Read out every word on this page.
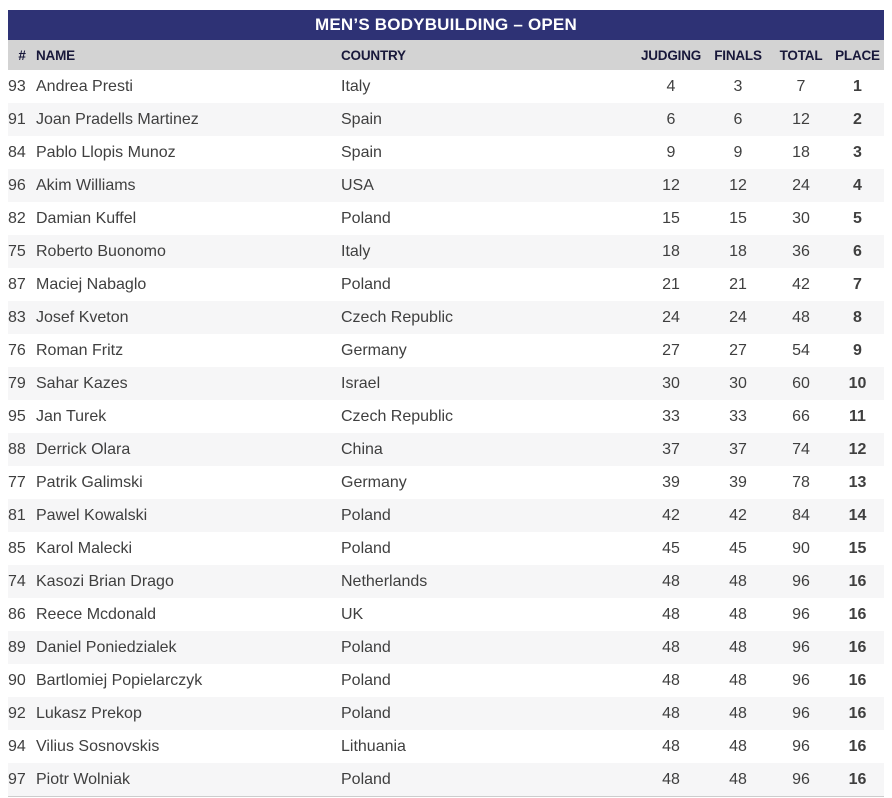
MEN’S BODYBUILDING – OPEN
#	NAME	COUNTRY	JUDGING	FINALS	TOTAL	PLACE
93	Andrea Presti	Italy	4	3	7	1
91	Joan Pradells Martinez	Spain	6	6	12	2
84	Pablo Llopis Munoz	Spain	9	9	18	3
96	Akim Williams	USA	12	12	24	4
82	Damian Kuffel	Poland	15	15	30	5
75	Roberto Buonomo	Italy	18	18	36	6
87	Maciej Nabaglo	Poland	21	21	42	7
83	Josef Kveton	Czech Republic	24	24	48	8
76	Roman Fritz	Germany	27	27	54	9
79	Sahar Kazes	Israel	30	30	60	10
95	Jan Turek	Czech Republic	33	33	66	11
88	Derrick Olara	China	37	37	74	12
77	Patrik Galimski	Germany	39	39	78	13
81	Pawel Kowalski	Poland	42	42	84	14
85	Karol Malecki	Poland	45	45	90	15
74	Kasozi Brian Drago	Netherlands	48	48	96	16
86	Reece Mcdonald	UK	48	48	96	16
89	Daniel Poniedzialek	Poland	48	48	96	16
90	Bartlomiej Popielarczyk	Poland	48	48	96	16
92	Lukasz Prekop	Poland	48	48	96	16
94	Vilius Sosnovskis	Lithuania	48	48	96	16
97	Piotr Wolniak	Poland	48	48	96	16
